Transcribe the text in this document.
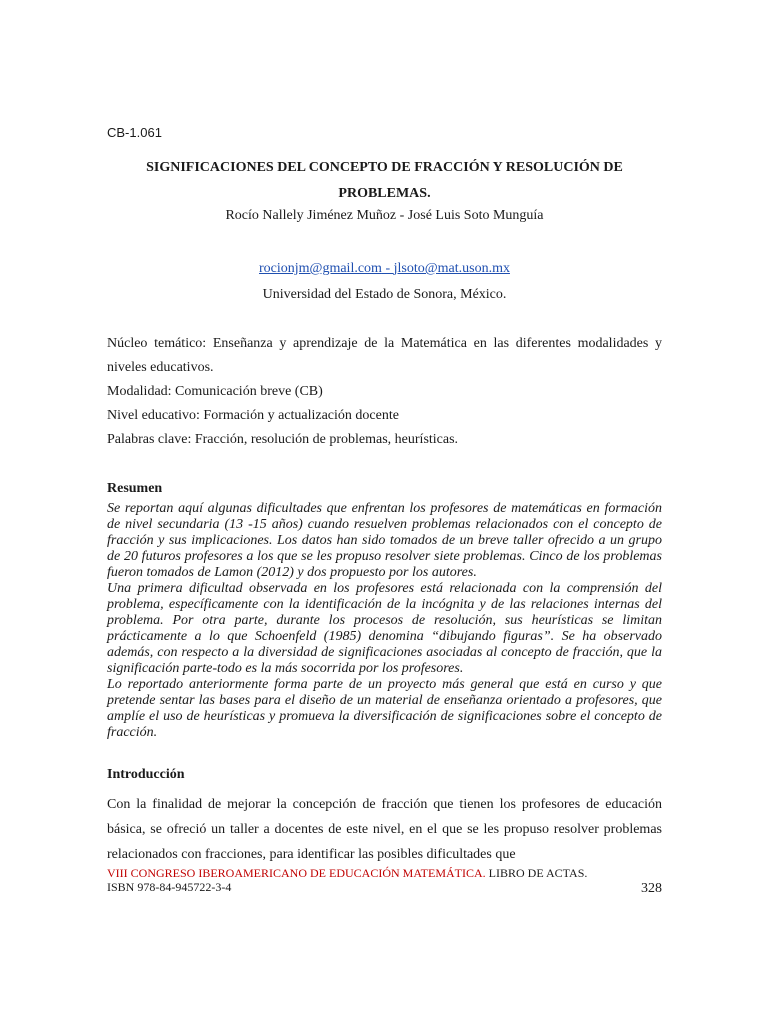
CB-1.061
SIGNIFICACIONES DEL CONCEPTO DE FRACCIÓN Y RESOLUCIÓN DE PROBLEMAS.
Rocío Nallely Jiménez Muñoz - José Luis Soto Munguía
rocionjm@gmail.com - jlsoto@mat.uson.mx
Universidad del Estado de Sonora, México.

Núcleo temático: Enseñanza y aprendizaje de la Matemática en las diferentes modalidades y niveles educativos.

Modalidad: Comunicación breve (CB)

Nivel educativo: Formación y actualización docente

Palabras clave: Fracción, resolución de problemas, heurísticas.

Resumen

Se reportan aquí algunas dificultades que enfrentan los profesores de matemáticas en formación de nivel secundaria (13 -15 años) cuando resuelven problemas relacionados con el concepto de fracción y sus implicaciones. Los datos han sido tomados de un breve taller ofrecido a un grupo de 20 futuros profesores a los que se les propuso resolver siete problemas. Cinco de los problemas fueron tomados de Lamon (2012) y dos propuesto por los autores.

Una primera dificultad observada en los profesores está relacionada con la comprensión del problema, específicamente con la identificación de la incógnita y de las relaciones internas del problema. Por otra parte, durante los procesos de resolución, sus heurísticas se limitan prácticamente a lo que Schoenfeld (1985) denomina “dibujando figuras”. Se ha observado además, con respecto a la diversidad de significaciones asociadas al concepto de fracción, que la significación parte-todo es la más socorrida por los profesores.

Lo reportado anteriormente forma parte de un proyecto más general que está en curso y que pretende sentar las bases para el diseño de un material de enseñanza orientado a profesores, que amplíe el uso de heurísticas y promueva la diversificación de significaciones sobre el concepto de fracción.

Introducción

Con la finalidad de mejorar la concepción de fracción que tienen los profesores de educación básica, se ofreció un taller a docentes de este nivel, en el que se les propuso resolver problemas relacionados con fracciones, para identificar las posibles dificultades que

328
VIII CONGRESO IBEROAMERICANO DE EDUCACIÓN MATEMÁTICA. LIBRO DE ACTAS.
ISBN 978-84-945722-3-4
